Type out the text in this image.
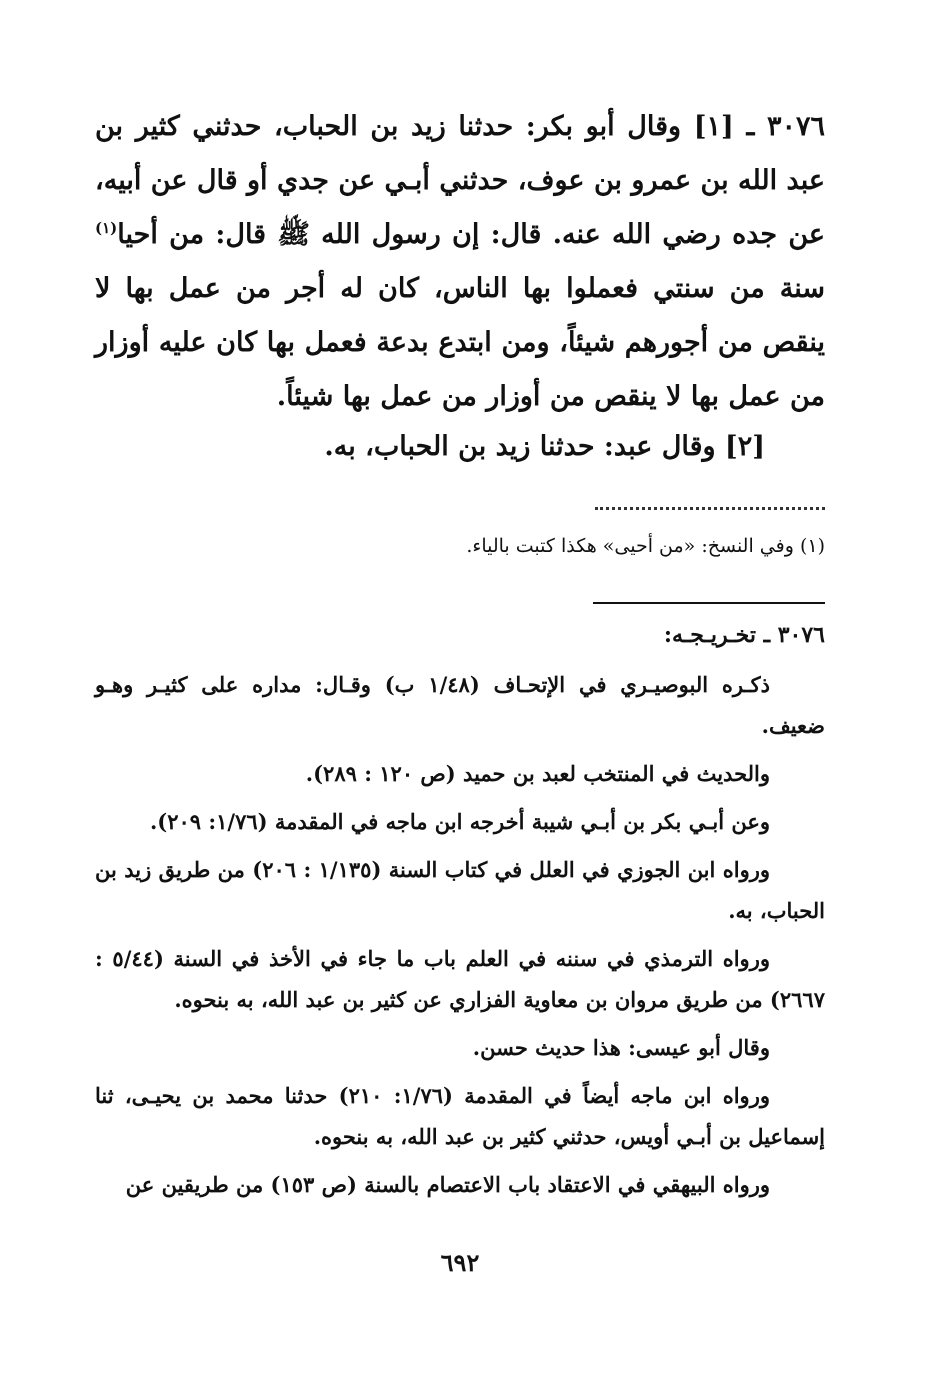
٣٠٧٦ ـ [١] وقال أبو بكر: حدثنا زيد بن الحباب، حدثني كثير بن عبد الله بن عمرو بن عوف، حدثني أبـي عن جدي أو قال عن أبيه، عن جده رضي الله عنه. قال: إن رسول الله ﷺ قال: من أحيا$^{(١)}$ سنة من سنتي فعملوا بها الناس، كان له أجر من عمل بها لا ينقص من أجورهم شيئاً، ومن ابتدع بدعة فعمل بها كان عليه أوزار من عمل بها لا ينقص من أوزار من عمل بها شيئاً.
[٢] وقال عبد: حدثنا زيد بن الحباب، به.
(١) وفي النسخ: «من أحيى» هكذا كتبت بالياء.
٣٠٧٦ ـ تخـريـجـه:

ذكـره البوصيـري في الإتحـاف (١/٤٨ ب) وقـال: مداره على كثيـر وهـو ضعيف.

والحديث في المنتخب لعبد بن حميد (ص ١٢٠ : ٢٨٩).

وعن أبـي بكر بن أبـي شيبة أخرجه ابن ماجه في المقدمة (١/٧٦: ٢٠٩).

ورواه ابن الجوزي في العلل في كتاب السنة (١/١٣٥ : ٢٠٦) من طريق زيد بن الحباب، به.

ورواه الترمذي في سننه في العلم باب ما جاء في الأخذ في السنة (٥/٤٤ : ٢٦٦٧) من طريق مروان بن معاوية الفزاري عن كثير بن عبد الله، به بنحوه.

وقال أبو عيسى: هذا حديث حسن.

ورواه ابن ماجه أيضاً في المقدمة (١/٧٦: ٢١٠) حدثنا محمد بن يحيـى، ثنا إسماعيل بن أبـي أويس، حدثني كثير بن عبد الله، به بنحوه.

ورواه البيهقي في الاعتقاد باب الاعتصام بالسنة (ص ١٥٣) من طريقين عن

٦٩٢
